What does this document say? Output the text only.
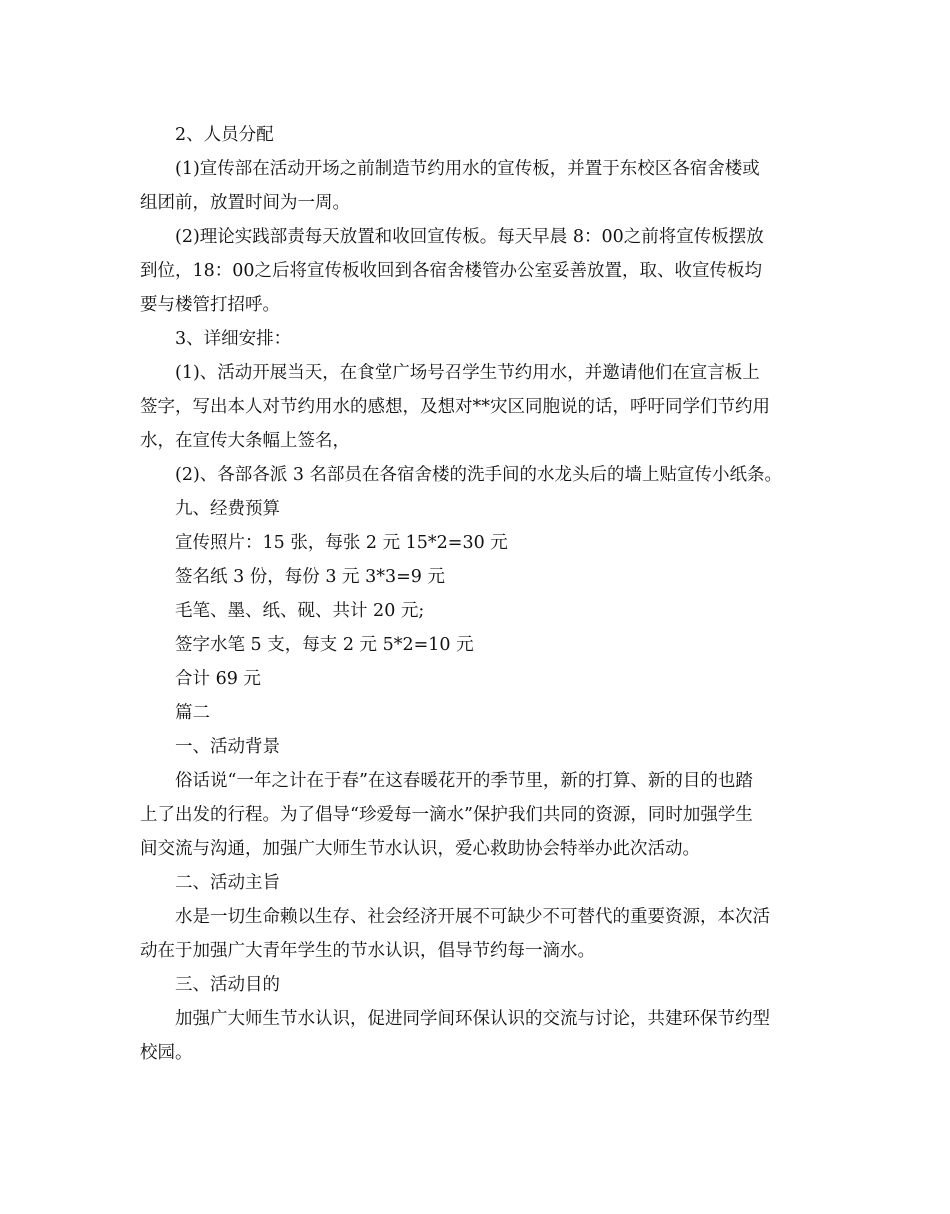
2、人员分配
(1)宣传部在活动开场之前制造节约用水的宣传板，并置于东校区各宿舍楼或
组团前，放置时间为一周。
(2)理论实践部责每天放置和收回宣传板。每天早晨 8：00之前将宣传板摆放
到位，18：00之后将宣传板收回到各宿舍楼管办公室妥善放置，取、收宣传板均
要与楼管打招呼。
3、详细安排：
(1)、活动开展当天，在食堂广场号召学生节约用水，并邀请他们在宣言板上
签字，写出本人对节约用水的感想，及想对**灾区同胞说的话，呼吁同学们节约用
水，在宣传大条幅上签名，
(2)、各部各派 3 名部员在各宿舍楼的洗手间的水龙头后的墙上贴宣传小纸条。
九、经费预算
宣传照片：15 张，每张 2 元 15*2=30 元
签名纸 3 份，每份 3 元 3*3=9 元
毛笔、墨、纸、砚、共计 20 元;
签字水笔 5 支，每支 2 元 5*2=10 元
合计 69 元
篇二
一、活动背景
俗话说“一年之计在于春”在这春暖花开的季节里，新的打算、新的目的也踏
上了出发的行程。为了倡导“珍爱每一滴水”保护我们共同的资源，同时加强学生
间交流与沟通，加强广大师生节水认识，爱心救助协会特举办此次活动。
二、活动主旨
水是一切生命赖以生存、社会经济开展不可缺少不可替代的重要资源，本次活
动在于加强广大青年学生的节水认识，倡导节约每一滴水。
三、活动目的
加强广大师生节水认识，促进同学间环保认识的交流与讨论，共建环保节约型
校园。
